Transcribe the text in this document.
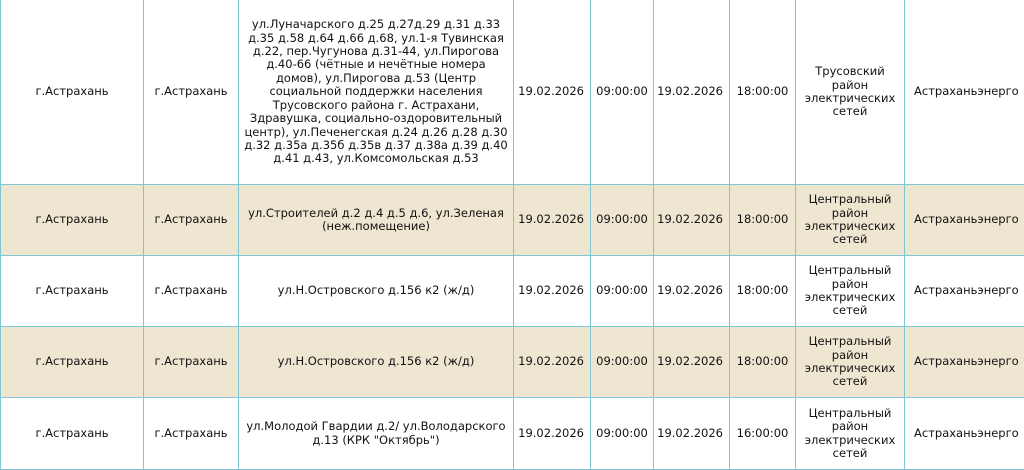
г.Астрахань	г.Астрахань	ул.Луначарского д.25 д.27д.29 д.31 д.33 д.35 д.58 д.64 д.66 д.68, ул.1-я Тувинская д.22, пер.Чугунова д.31-44, ул.Пирогова д.40-66 (чётные и нечётные номера домов), ул.Пирогова д.53 (Центр социальной поддержки населения Трусовского района г. Астрахани, Здравушка, социально-оздоровительный центр), ул.Печенегская д.24 д.26 д.28 д.30 д.32 д.35а д.35б д.35в д.37 д.38а д.39 д.40 д.41 д.43, ул.Комсомольская д.53	19.02.2026	09:00:00	19.02.2026	18:00:00	Трусовский район электрических сетей	Астраханьэнерго
г.Астрахань	г.Астрахань	ул.Строителей д.2 д.4 д.5 д.6, ул.Зеленая (неж.помещение)	19.02.2026	09:00:00	19.02.2026	18:00:00	Центральный район электрических сетей	Астраханьэнерго
г.Астрахань	г.Астрахань	ул.Н.Островского д.156 к2 (ж/д)	19.02.2026	09:00:00	19.02.2026	18:00:00	Центральный район электрических сетей	Астраханьэнерго
г.Астрахань	г.Астрахань	ул.Н.Островского д.156 к2 (ж/д)	19.02.2026	09:00:00	19.02.2026	18:00:00	Центральный район электрических сетей	Астраханьэнерго
г.Астрахань	г.Астрахань	ул.Молодой Гвардии д.2/ ул.Володарского д.13 (КРК "Октябрь")	19.02.2026	09:00:00	19.02.2026	16:00:00	Центральный район электрических сетей	Астраханьэнерго
